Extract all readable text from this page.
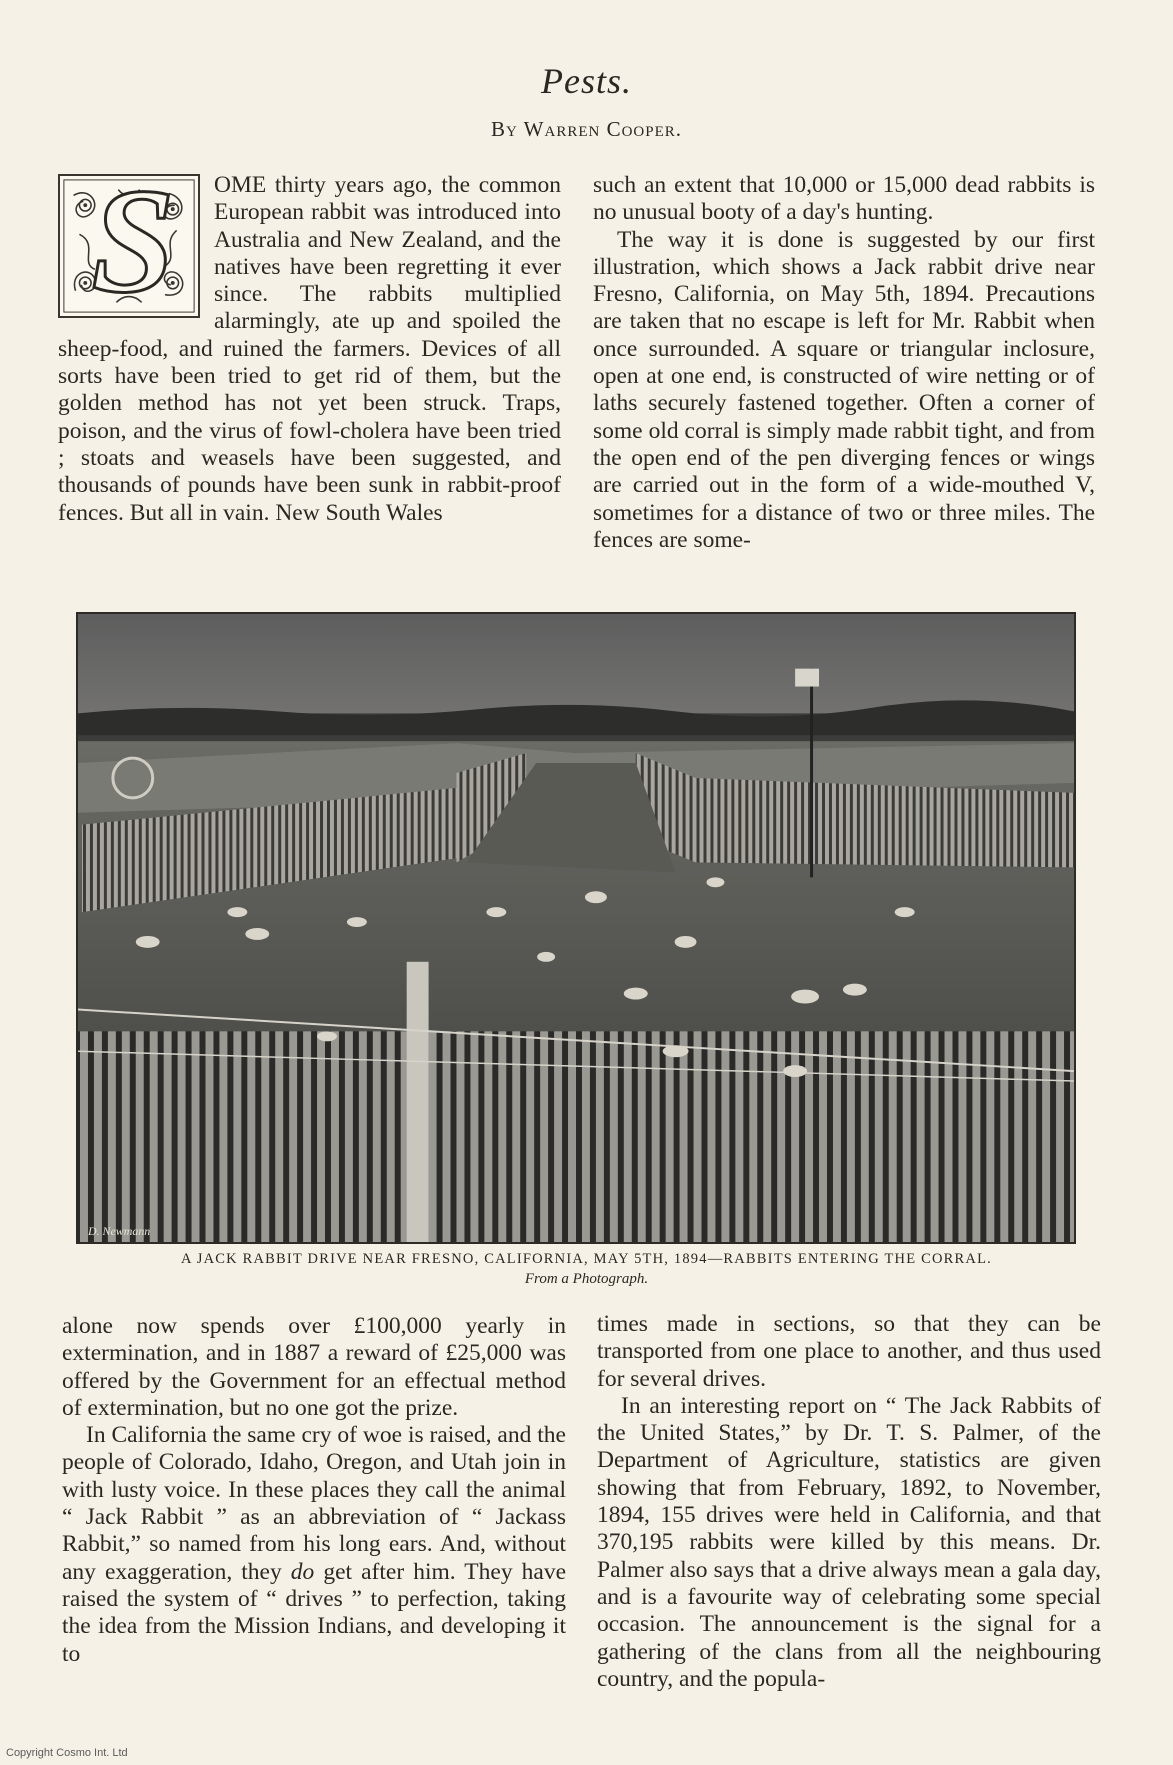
Pests.
By Warren Cooper.
S	OME thirty years ago, the common European rabbit was introduced into Australia and New Zealand, and the natives have been regretting it ever since. The rabbits multiplied alarmingly, ate up and spoiled the sheep-food, and ruined the farmers. Devices of all sorts have been tried to get rid of them, but the golden method has not yet been struck. Traps, poison, and the virus of fowl-cholera have been tried ; stoats and weasels have been suggested, and thousands of pounds have been sunk in rabbit-proof fences. But all in vain. New South Wales

such an extent that 10,000 or 15,000 dead rabbits is no unusual booty of a day's hunting.

The way it is done is suggested by our first illustration, which shows a Jack rabbit drive near Fresno, California, on May 5th, 1894. Precautions are taken that no escape is left for Mr. Rabbit when once surrounded. A square or triangular inclosure, open at one end, is constructed of wire netting or of laths securely fastened together. Often a corner of some old corral is simply made rabbit tight, and from the open end of the pen diverging fences or wings are carried out in the form of a wide-mouthed V, sometimes for a distance of two or three miles. The fences are some-

D. Newmann
A JACK RABBIT DRIVE NEAR FRESNO, CALIFORNIA, MAY 5TH, 1894—RABBITS ENTERING THE CORRAL.
From a Photograph.

alone now spends over £100,000 yearly in extermination, and in 1887 a reward of £25,000 was offered by the Government for an effectual method of extermination, but no one got the prize.

In California the same cry of woe is raised, and the people of Colorado, Idaho, Oregon, and Utah join in with lusty voice. In these places they call the animal “ Jack Rabbit ” as an abbreviation of “ Jackass Rabbit,” so named from his long ears. And, without any exaggeration, they do get after him. They have raised the system of “ drives ” to perfection, taking the idea from the Mission Indians, and developing it to

times made in sections, so that they can be transported from one place to another, and thus used for several drives.

In an interesting report on “ The Jack Rabbits of the United States,” by Dr. T. S. Palmer, of the Department of Agriculture, statistics are given showing that from February, 1892, to November, 1894, 155 drives were held in California, and that 370,195 rabbits were killed by this means. Dr. Palmer also says that a drive always mean a gala day, and is a favourite way of celebrating some special occasion. The announcement is the signal for a gathering of the clans from all the neighbouring country, and the popula-

Copyright Cosmo Int. Ltd
